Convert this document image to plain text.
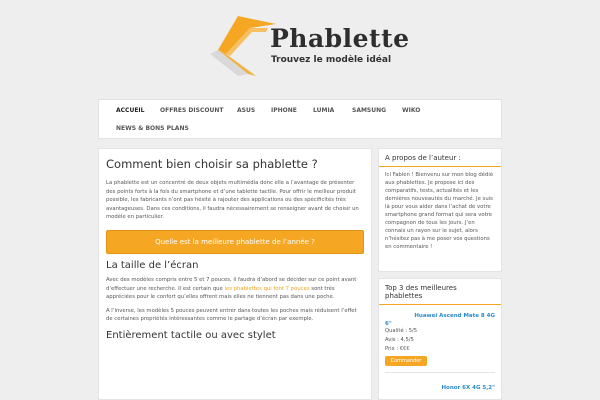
Phablette
Trouvez le modèle idéal
ACCUEIL	OFFRES DISCOUNT ASUS	IPHONE	LUMIA	SAMSUNG	WIKO
NEWS & BONS PLANS
Comment bien choisir sa phablette ?

La phablette est un concentré de deux objets multimédia donc elle a l’avantage de présenter des points forts à la fois du smartphone et d’une tablette tactile. Pour offrir le meilleur produit possible, les fabricants n’ont pas hésité à rajouter des applications ou des spécificités très avantageuses. Dans ces conditions, il faudra nécessairement se renseigner avant de choisir un modèle en particulier.

Quelle est la meilleure phablette de l’année ?
La taille de l’écran

Avec des modèles compris entre 5 et 7 pouces, il faudra d’abord se décider sur ce point avant d’effectuer une recherche. Il est certain que les phablettes qui font 7 pouces sont très appréciées pour le confort qu’elles offrent mais elles ne tiennent pas dans une poche.

A l’inverse, les modèles 5 pouces peuvent entrer dans toutes les poches mais réduisent l’effet de certaines propriétés intéressantes comme le partage d’écran par exemple.

Entièrement tactile ou avec stylet
A propos de l’auteur :
Ici Fabien ! Bienvenu sur mon blog dédié aux phablettes. Je propose ici des comparatifs, tests, actualités et les dernières nouveautés du marché. Je suis là pour vous aider dans l’achat de votre smartphone grand format qui sera votre compagnon de tous les jours. J’en connais un rayon sur le sujet, alors n’hésitez pas à me poser vos questions en commentaire !
Top 3 des meilleures phablettes
Huawei Ascend Mate 8 4G
6"
Qualité : 5/5
Avis : 4,5/5
Prix : €€€
Commander
Honor 6X 4G 5,2"
